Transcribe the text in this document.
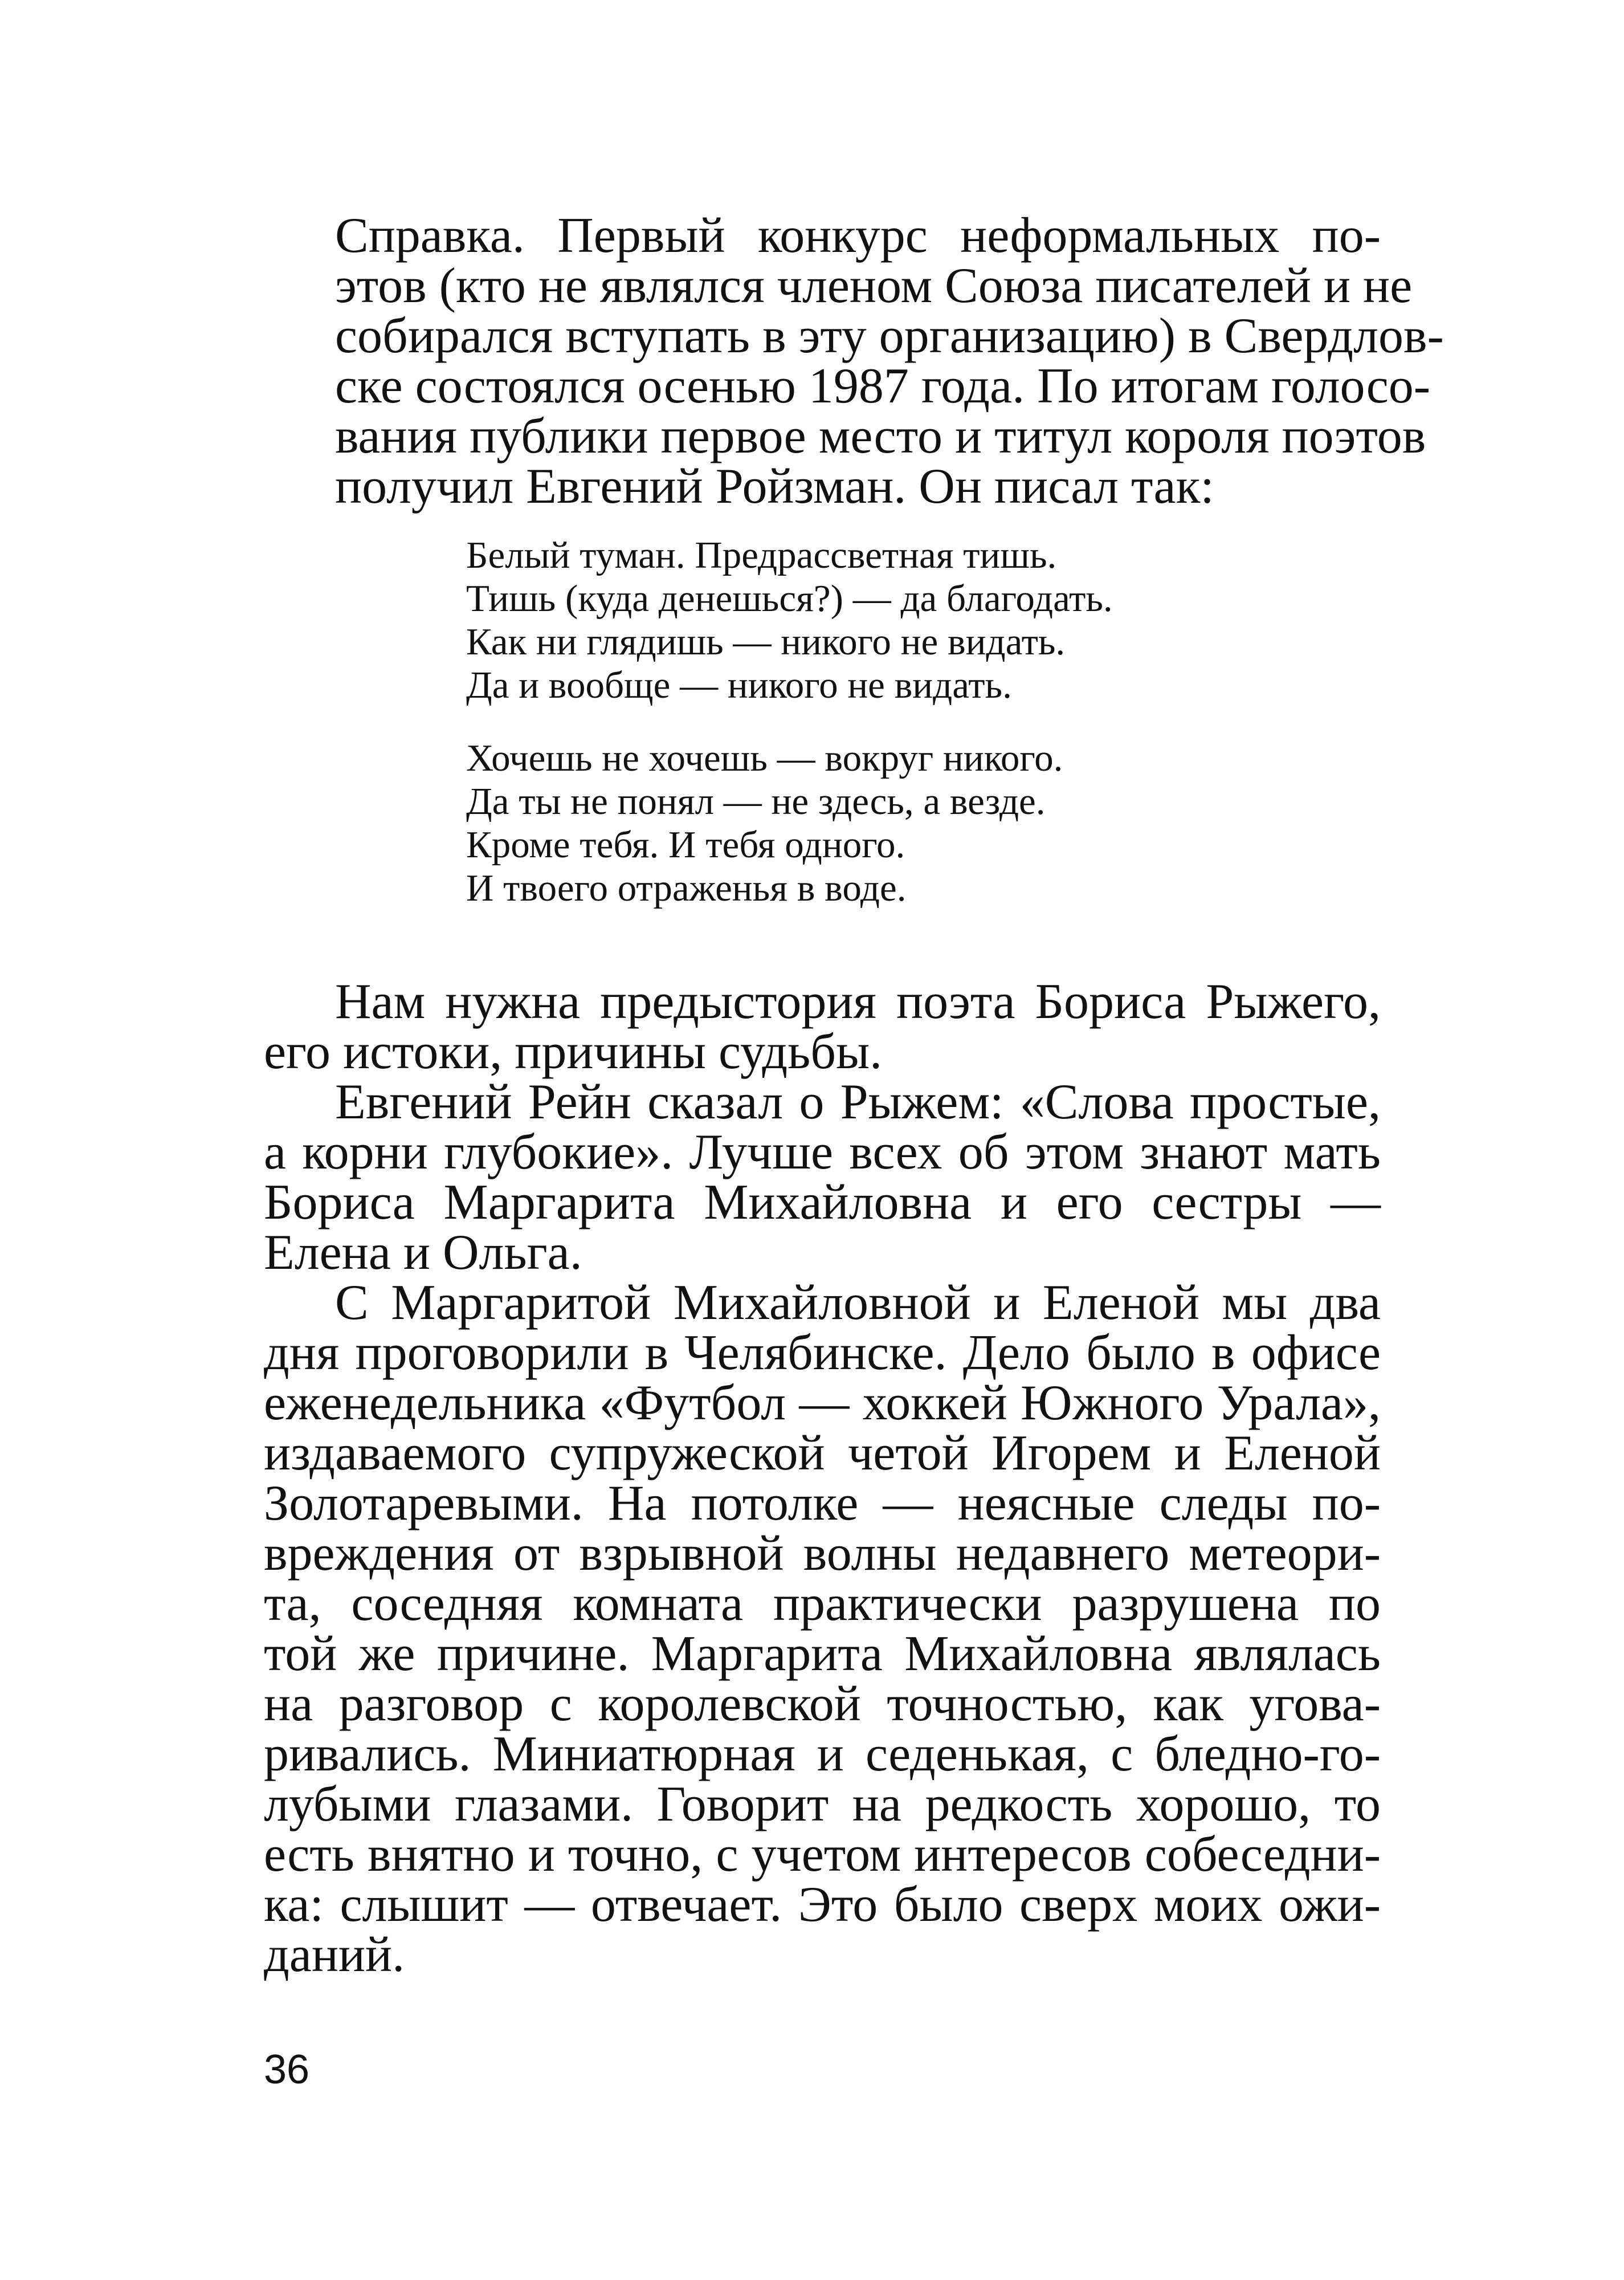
Справка. Первый конкурс неформальных по-
этов (кто не являлся членом Союза писателей и не
собирался вступать в эту организацию) в Свердлов-
ске состоялся осенью 1987 года. По итогам голосо-
вания публики первое место и титул короля поэтов
получил Евгений Ройзман. Он писал так:

Белый туман. Предрассветная тишь.
Тишь (куда денешься?) — да благодать.
Как ни глядишь — никого не видать.
Да и вообще — никого не видать.

Хочешь не хочешь — вокруг никого.
Да ты не понял — не здесь, а везде.
Кроме тебя. И тебя одного.
И твоего отраженья в воде.

Нам нужна предыстория поэта Бориса Рыжего,
его истоки, причины судьбы.

Евгений Рейн сказал о Рыжем: «Слова простые,
а корни глубокие». Лучше всех об этом знают мать
Бориса Маргарита Михайловна и его сестры —
Елена и Ольга.

С Маргаритой Михайловной и Еленой мы два
дня проговорили в Челябинске. Дело было в офисе
еженедельника «Футбол — хоккей Южного Урала»,
издаваемого супружеской четой Игорем и Еленой
Золотаревыми. На потолке — неясные следы по-
вреждения от взрывной волны недавнего метеори-
та, соседняя комната практически разрушена по
той же причине. Маргарита Михайловна являлась
на разговор с королевской точностью, как угова-
ривались. Миниатюрная и седенькая, с бледно-го-
лубыми глазами. Говорит на редкость хорошо, то
есть внятно и точно, с учетом интересов собеседни-
ка: слышит — отвечает. Это было сверх моих ожи-
даний.

36
